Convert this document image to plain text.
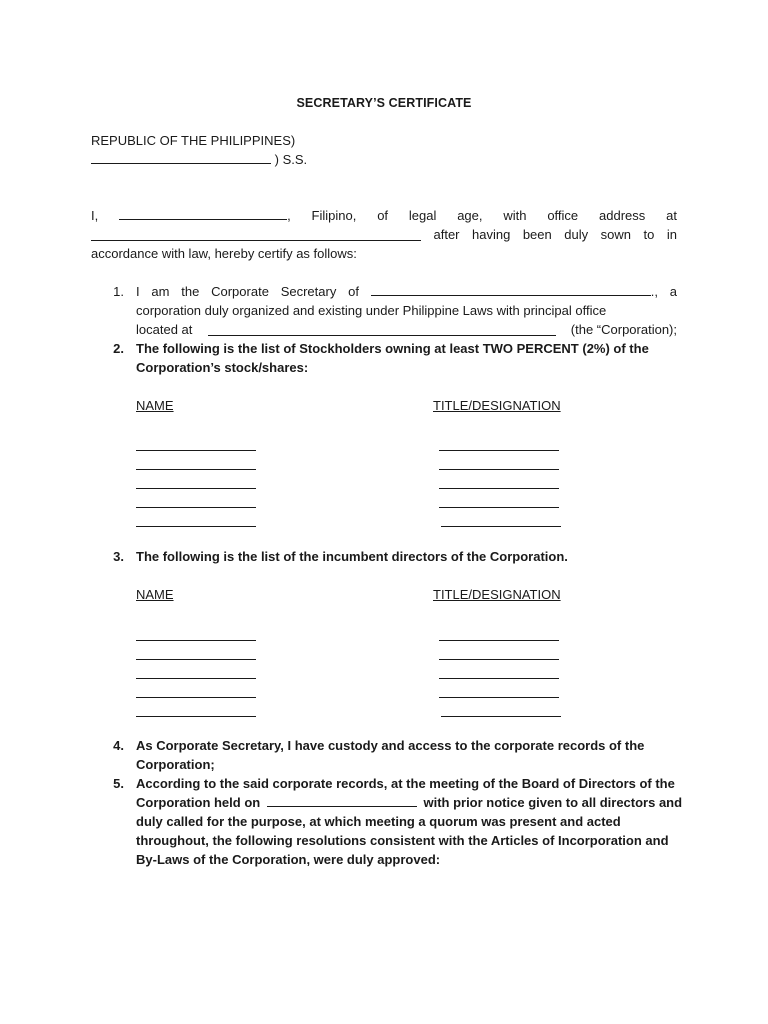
SECRETARY’S CERTIFICATE
REPUBLIC OF THE PHILIPPINES)
) S.S.
I,	, Filipino, of legal age, with office address at
after having been duly sown to in
accordance with law, hereby certify as follows:
1. I am the Corporate Secretary of	., a
corporation duly organized and existing under Philippine Laws with principal office
located at	(the “Corporation);
2. The following is the list of Stockholders owning at least TWO PERCENT (2%) of the
Corporation’s stock/shares:
NAME	TITLE/DESIGNATION
3. The following is the list of the incumbent directors of the Corporation.
NAME	TITLE/DESIGNATION
4. As Corporate Secretary, I have custody and access to the corporate records of the
Corporation;
5. According to the said corporate records, at the meeting of the Board of Directors of the
Corporation held on	with prior notice given to all directors and
duly called for the purpose, at which meeting a quorum was present and acted
throughout, the following resolutions consistent with the Articles of Incorporation and
By-Laws of the Corporation, were duly approved:
